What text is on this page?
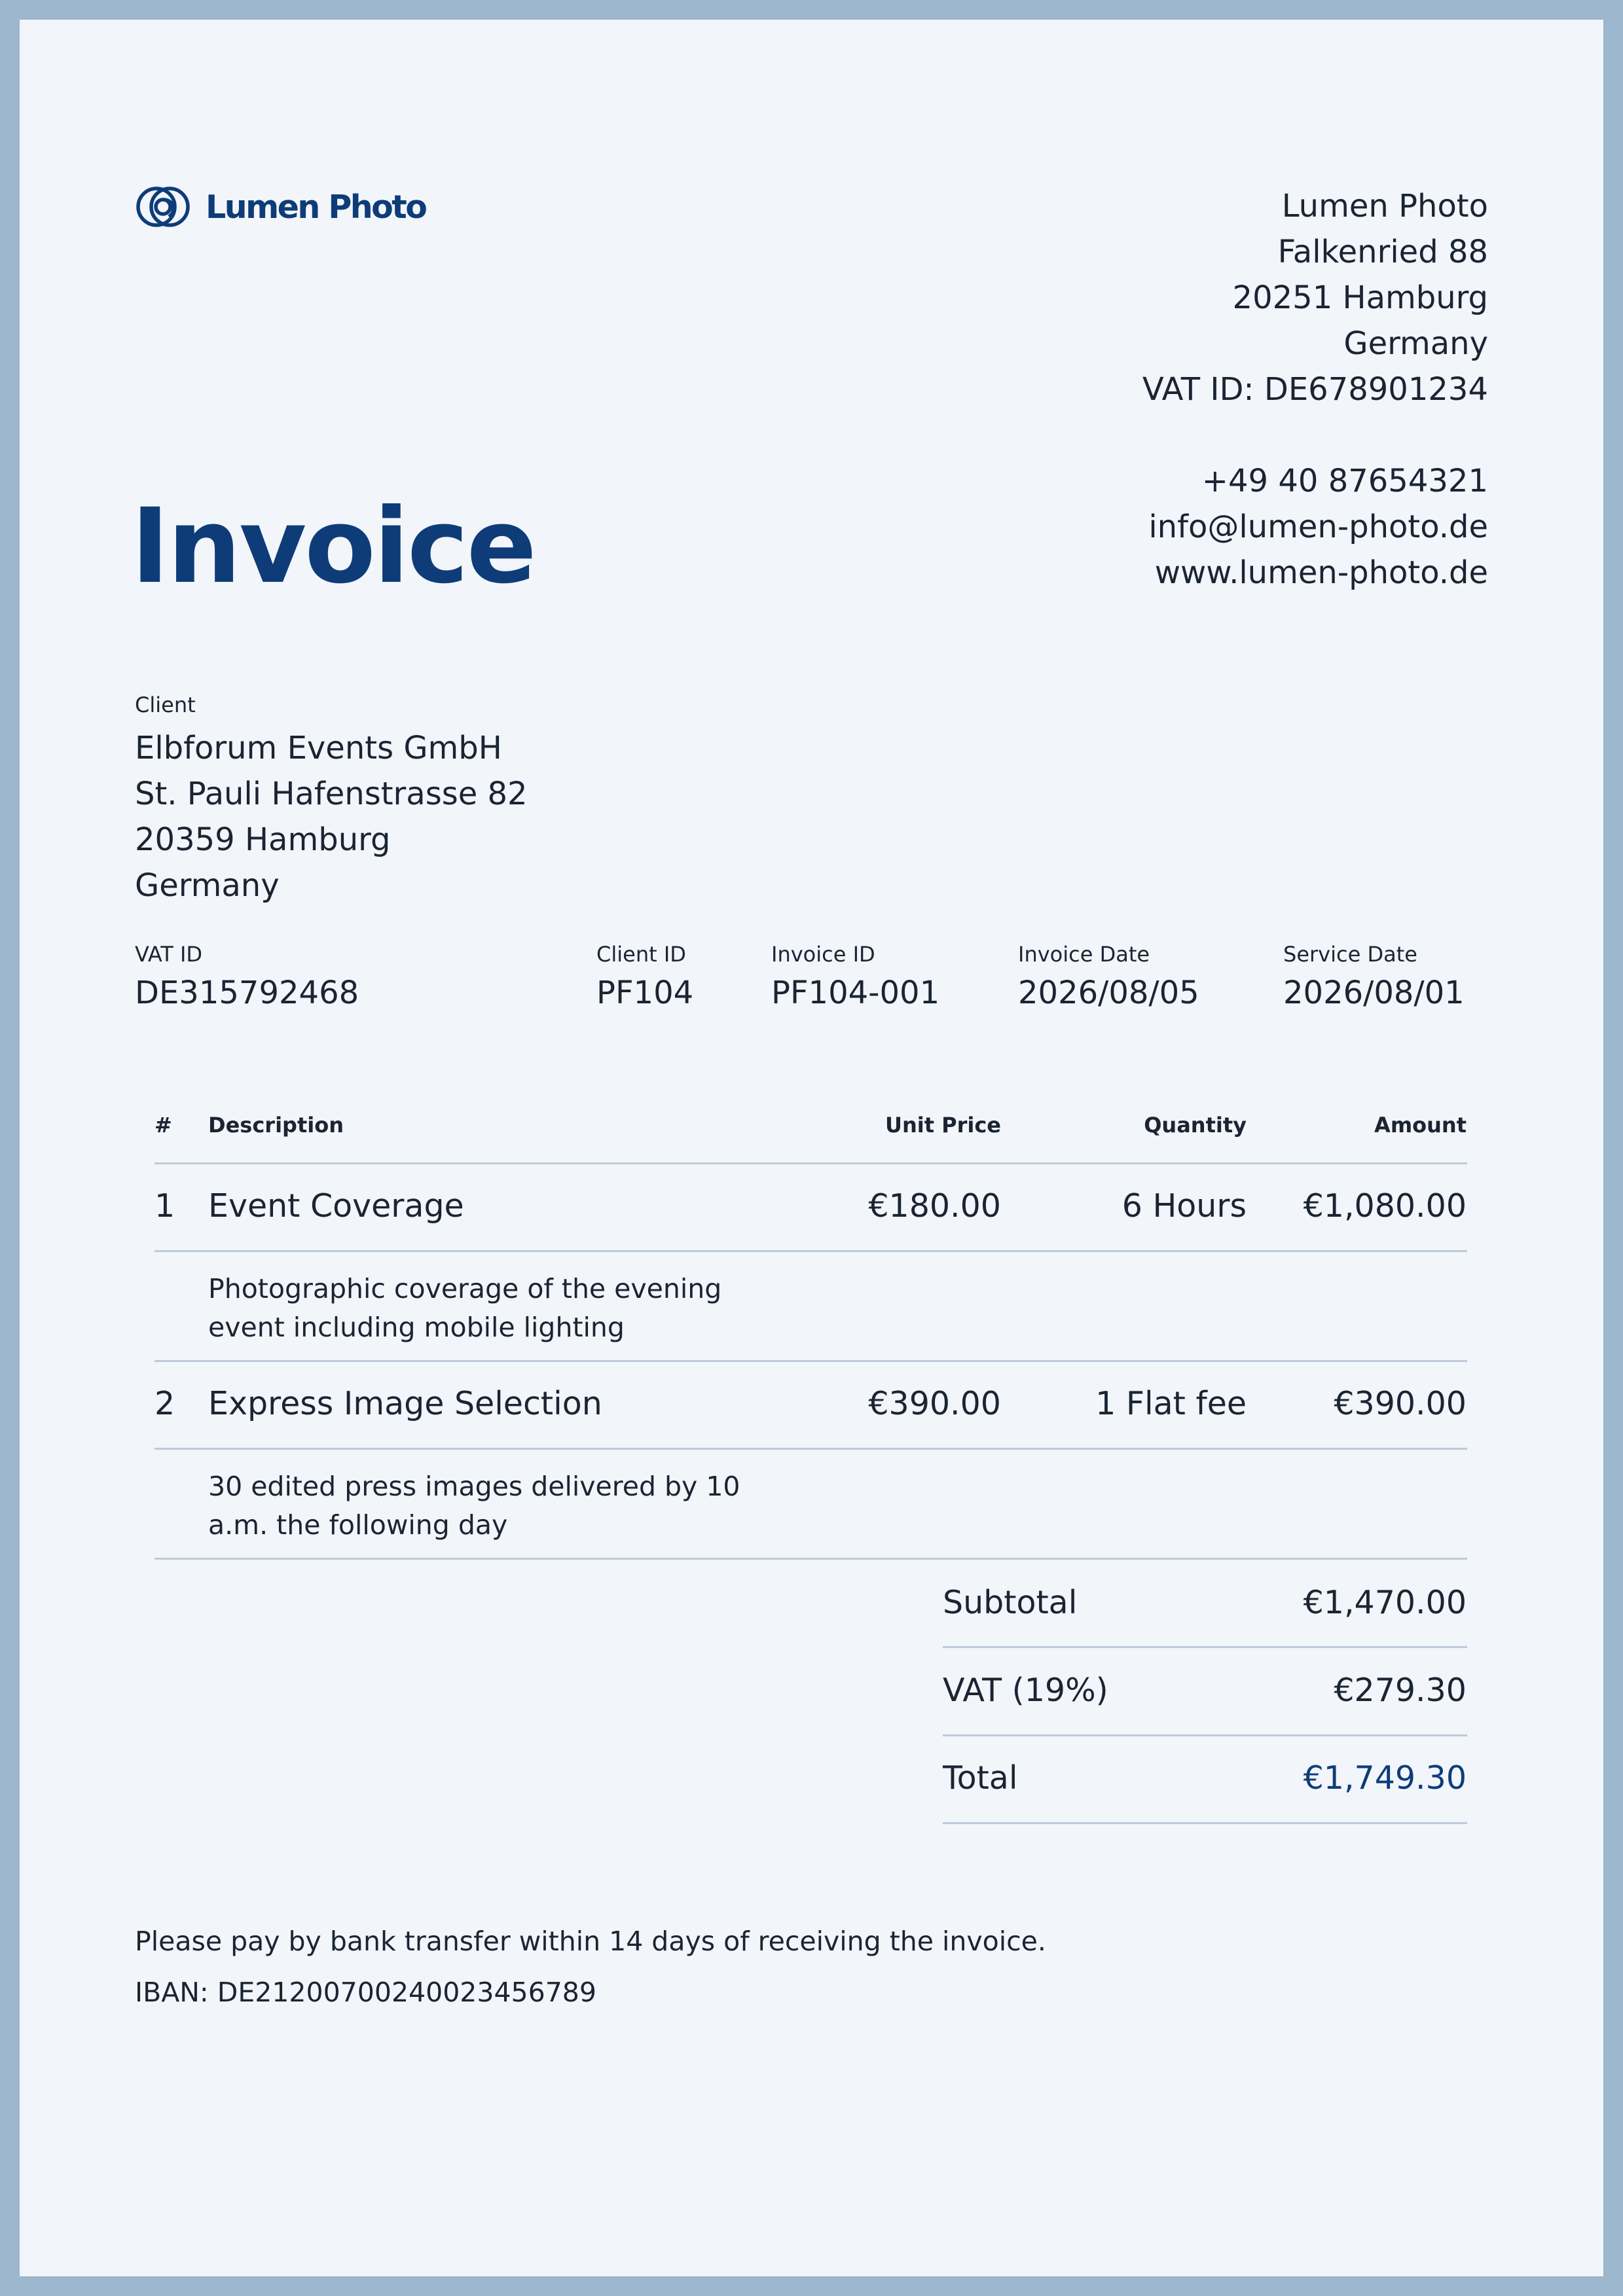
Lumen Photo	Lumen Photo
Falkenried 88
20251 Hamburg
Germany
VAT ID: DE678901234
+49 40 87654321
info@lumen-photo.de
www.lumen-photo.de
Invoice
Client
Elbforum Events GmbH
St. Pauli Hafenstrasse 82
20359 Hamburg
Germany
VAT ID
DE315792468
Client ID
PF104
Invoice ID
PF104-001
Invoice Date
2026/08/05
Service Date
2026/08/01
# Description	Unit Price	Quantity	Amount
1 Event Coverage	€180.00	6 Hours €1,080.00
Photographic coverage of the evening
event including mobile lighting
2 Express Image Selection	€390.00	1 Flat fee	€390.00
30 edited press images delivered by 10
a.m. the following day
Subtotal	€1,470.00
VAT (19%)	€279.30
Total	€1,749.30
Please pay by bank transfer within 14 days of receiving the invoice.
IBAN: DE21200700240023456789
